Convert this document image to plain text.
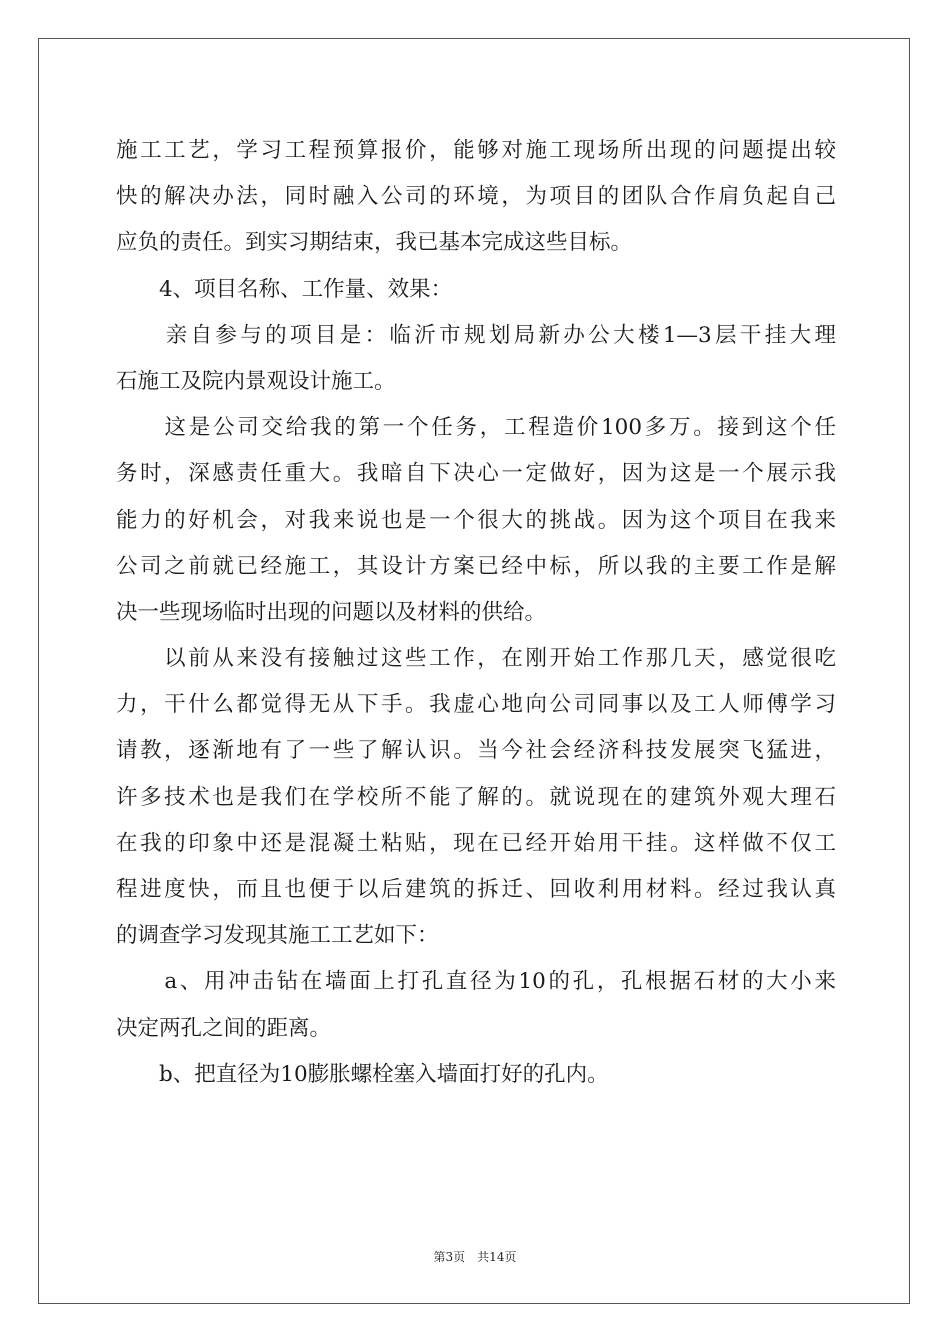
施工工艺，学习工程预算报价，能够对施工现场所出现的问题提出较
快的解决办法，同时融入公司的环境，为项目的团队合作肩负起自己
应负的责任。到实习期结束，我已基本完成这些目标。
　　4、项目名称、工作量、效果：
　　亲自参与的项目是：临沂市规划局新办公大楼1—3层干挂大理
石施工及院内景观设计施工。
　　这是公司交给我的第一个任务，工程造价100多万。接到这个任
务时，深感责任重大。我暗自下决心一定做好，因为这是一个展示我
能力的好机会，对我来说也是一个很大的挑战。因为这个项目在我来
公司之前就已经施工，其设计方案已经中标，所以我的主要工作是解
决一些现场临时出现的问题以及材料的供给。
　　以前从来没有接触过这些工作，在刚开始工作那几天，感觉很吃
力，干什么都觉得无从下手。我虚心地向公司同事以及工人师傅学习
请教，逐渐地有了一些了解认识。当今社会经济科技发展突飞猛进，
许多技术也是我们在学校所不能了解的。就说现在的建筑外观大理石
在我的印象中还是混凝土粘贴，现在已经开始用干挂。这样做不仅工
程进度快，而且也便于以后建筑的拆迁、回收利用材料。经过我认真
的调查学习发现其施工工艺如下：
　　a、用冲击钻在墙面上打孔直径为10的孔，孔根据石材的大小来
决定两孔之间的距离。
　　b、把直径为10膨胀螺栓塞入墙面打好的孔内。
第3页　共14页
